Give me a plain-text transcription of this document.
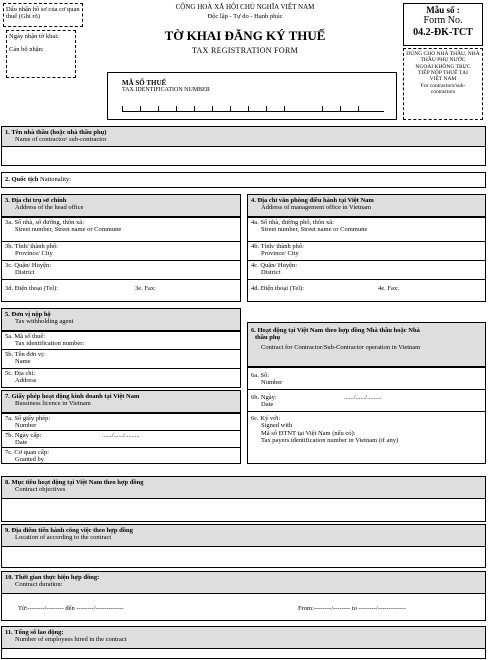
Dấu nhận hồ sơ của cơ quan
thuế (Ghi rõ)
Ngày nhận tờ khai:
Cán bộ nhận:
CỘNG HOÀ XÃ HỘI CHỦ NGHĨA VIỆT NAM
Độc lập - Tự do - Hạnh phúc
TỜ KHAI ĐĂNG KÝ THUẾ
TAX REGISTRATION FORM
Mẫu số :
Form No.
04.2-ĐK-TCT
DÙNG CHO NHÀ THẦU, NHÀ
THẦU PHỤ NƯỚC
NGOÀI KHÔNG TRỰC
TIẾP NỘP THUẾ TẠI
VIỆT NAM
For contractors/sub-
contractors
MÃ SỐ THUẾ
TAX IDENTIFICATION NUMBER
1. Tên nhà thầu (hoặc nhà thầu phụ)
Name of contractor/ sub-contractor
2. Quốc tịch Nationality:
3. Địa chỉ trụ sở chính
Address of the head office
3a. Số nhà, số đường, thôn xã:
Street number, Street name or Commune
3b. Tỉnh/ thành phố:
Province/ City
3c. Quận/ Huyện:
District
3d. Điện thoại (Tel):	3e. Fax:
4. Địa chỉ văn phòng điều hành tại Việt Nam
Address of management office in Vietnam
4a. Số nhà, đường phố, thôn xã:
Street number, Street name or Commune
4b. Tỉnh/ thành phố:
Province/ City
4c. Quận/ Huyện:
District
4d. Điện thoại (Tel):	4e. Fax:
5. Đơn vị nộp hộ
Tax withholding agent
5a. Mã số thuế:
Tax identification number:
5b. Tên đơn vị:
Name
5c. Địa chỉ:
Address
6. Hoạt động tại Việt Nam theo hợp đồng Nhà thầu hoặc Nhà
thầu phụ
Contract for Contractor/Sub-Contractor operation in Vietnam
6a. Số:
Number
6b. Ngày:	....../....../.........
Date
6c. Ký với:
Signed with
Mã số ĐTNT tại Việt Nam (nếu có):
Tax payers identification number in Vietnam (if any)
7. Giấy phép hoạt động kinh doanh tại Việt Nam
Bussiness licence in Vietnam
7a. Số giấy phép:
Number
7b. Ngày cấp:	....../....../.........
Date
7c. Cơ quan cấp:
Granted by
8. Mục tiêu hoạt động tại Việt Nam theo hợp đồng
Contract objectives
9. Địa điểm tiến hành công việc theo hợp đồng
Location of according to the contract
10. Thời gian thực hiện hợp đồng:
Contract duration:
Từ:--------/-------- đến --------/-------------	From:--------/-------- to --------/-------------
11. Tổng số lao động:
Number of employees hired in the contract
